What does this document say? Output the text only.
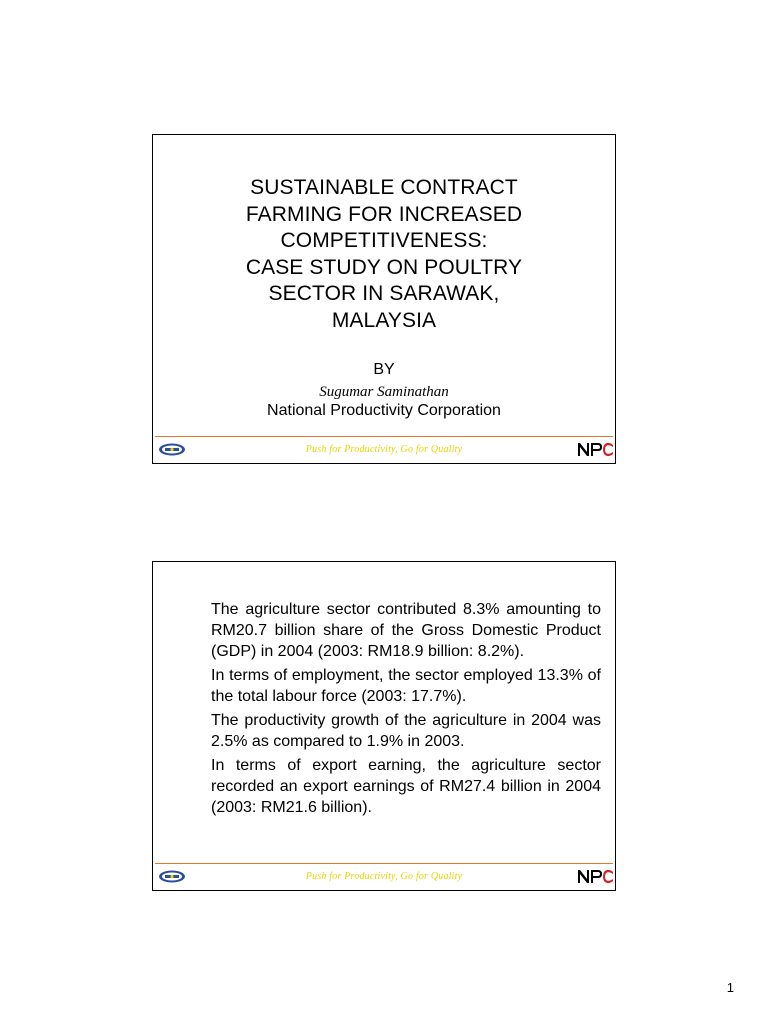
SUSTAINABLE CONTRACT
FARMING FOR INCREASED
COMPETITIVENESS:
CASE STUDY ON POULTRY
SECTOR IN SARAWAK,
MALAYSIA
BY
Sugumar Saminathan
National Productivity Corporation
Push for Productivity, Go for Quality
The agriculture sector contributed 8.3% amounting to RM20.7 billion share of the Gross Domestic Product (GDP) in 2004 (2003: RM18.9 billion: 8.2%).
In terms of employment, the sector employed 13.3% of the total labour force (2003: 17.7%).
The productivity growth of the agriculture in 2004 was 2.5% as compared to 1.9% in 2003.
In terms of export earning, the agriculture sector recorded an export earnings of RM27.4 billion in 2004 (2003: RM21.6 billion).
Push for Productivity, Go for Quality
1
